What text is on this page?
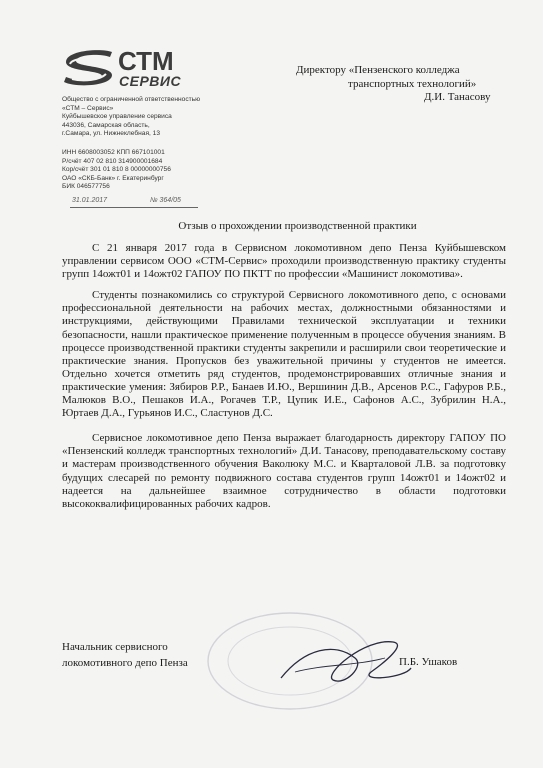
СТМ
СЕРВИС
Общество с ограниченной ответственностью
«СТМ – Сервис»
Куйбышевское управление сервиса
443036, Самарская область,
г.Самара, ул. Нижнеклебная, 13
ИНН 6608003052 КПП 667101001
Р/счёт 407 02 810 314900001684
Кор/счёт 301 01 810 8 00000000756
ОАО «СКБ-Банк» г. Екатеринбург
БИК 046577756
31.01.2017	№ 364/05
Директору «Пензенского колледжа
транспортных технологий»
Д.И. Танасову
Отзыв о прохождении производственной практики

С 21 января 2017 года в Сервисном локомотивном депо Пенза Куйбышевском управлении сервисом ООО «СТМ-Сервис» проходили производственную практику студенты групп 14ожт01 и 14ожт02 ГАПОУ ПО ПКТТ по профессии «Машинист локомотива».

Студенты познакомились со структурой Сервисного локомотивного депо, с основами профессиональной деятельности на рабочих местах, должностными обязанностями и инструкциями, действующими Правилами технической эксплуатации и техники безопасности, нашли практическое применение полученным в процессе обучения знаниям. В процессе производственной практики студенты закрепили и расширили свои теоретические и практические знания. Пропусков без уважительной причины у студентов не имеется. Отдельно хочется отметить ряд студентов, продемонстрировавших отличные знания и практические умения: Зябиров Р.Р., Банаев И.Ю., Вершинин Д.В., Арсенов Р.С., Гафуров Р.Б., Малюков В.О., Пешаков И.А., Рогачев Т.Р., Цупик И.Е., Сафонов А.С., Зубрилин Н.А., Юртаев Д.А., Гурьянов И.С., Сластунов Д.С.

Сервисное локомотивное депо Пенза выражает благодарность директору ГАПОУ ПО «Пензенский колледж транспортных технологий» Д.И. Танасову, преподавательскому составу и мастерам производственного обучения Ваколюку М.С. и Кварталовой Л.В. за подготовку будущих слесарей по ремонту подвижного состава студентов групп 14ожт01 и 14ожт02 и надеется на дальнейшее взаимное сотрудничество в области подготовки высококвалифицированных рабочих кадров.

Начальник сервисного
локомотивного депо Пенза	П.Б. Ушаков
